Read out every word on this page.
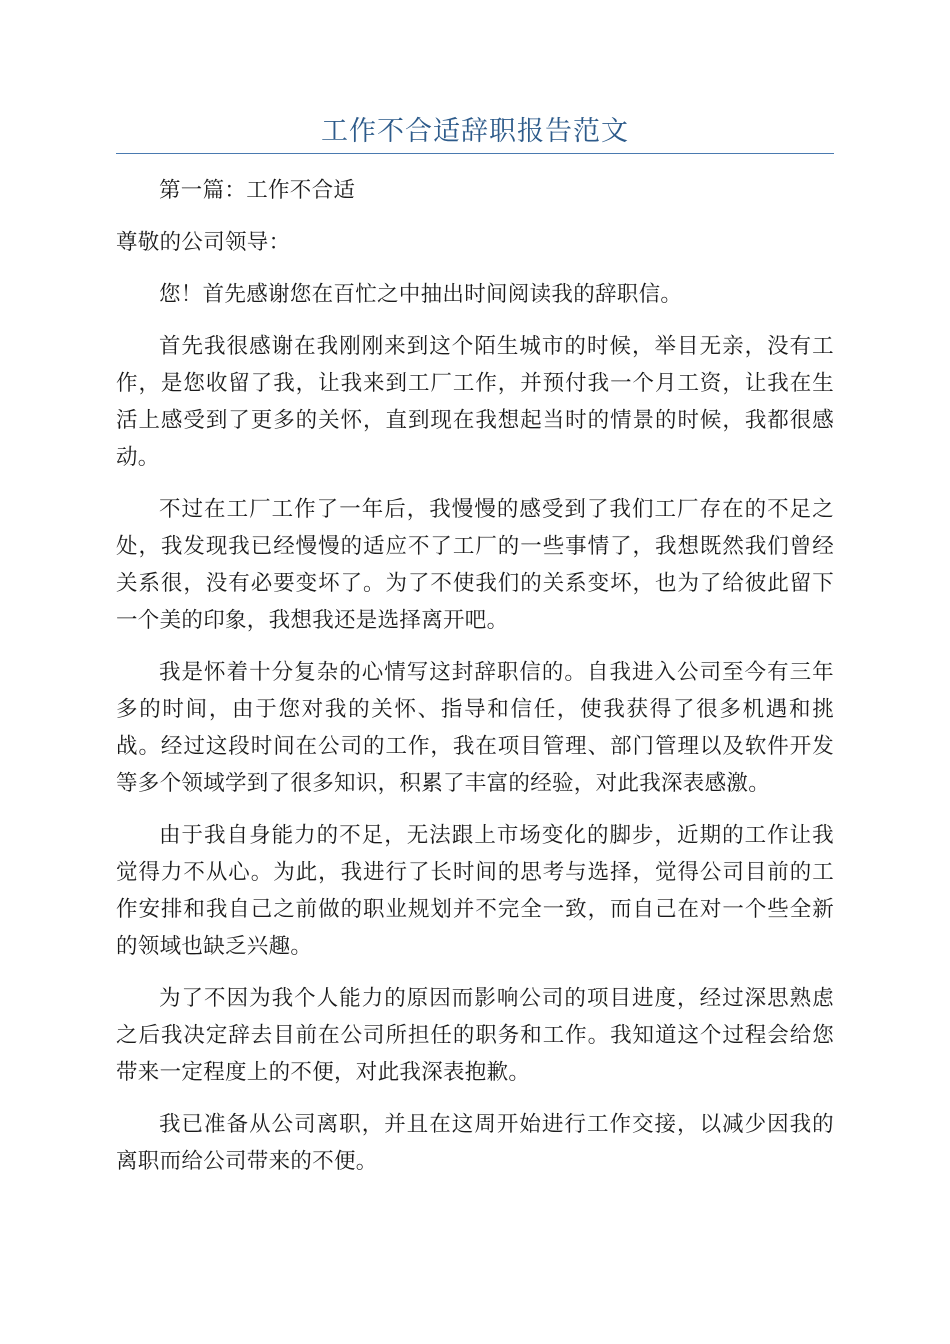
工作不合适辞职报告范文

第一篇：工作不合适

尊敬的公司领导：

您！首先感谢您在百忙之中抽出时间阅读我的辞职信。

首先我很感谢在我刚刚来到这个陌生城市的时候，举目无亲，没有工作，是您收留了我，让我来到工厂工作，并预付我一个月工资，让我在生活上感受到了更多的关怀，直到现在我想起当时的情景的时候，我都很感动。

不过在工厂工作了一年后，我慢慢的感受到了我们工厂存在的不足之处，我发现我已经慢慢的适应不了工厂的一些事情了，我想既然我们曾经关系很，没有必要变坏了。为了不使我们的关系变坏，也为了给彼此留下一个美的印象，我想我还是选择离开吧。

我是怀着十分复杂的心情写这封辞职信的。自我进入公司至今有三年多的时间，由于您对我的关怀、指导和信任，使我获得了很多机遇和挑战。经过这段时间在公司的工作，我在项目管理、部门管理以及软件开发等多个领域学到了很多知识，积累了丰富的经验，对此我深表感激。

由于我自身能力的不足，无法跟上市场变化的脚步，近期的工作让我觉得力不从心。为此，我进行了长时间的思考与选择，觉得公司目前的工作安排和我自己之前做的职业规划并不完全一致，而自己在对一个些全新的领域也缺乏兴趣。

为了不因为我个人能力的原因而影响公司的项目进度，经过深思熟虑之后我决定辞去目前在公司所担任的职务和工作。我知道这个过程会给您带来一定程度上的不便，对此我深表抱歉。

我已准备从公司离职，并且在这周开始进行工作交接，以减少因我的离职而给公司带来的不便。
